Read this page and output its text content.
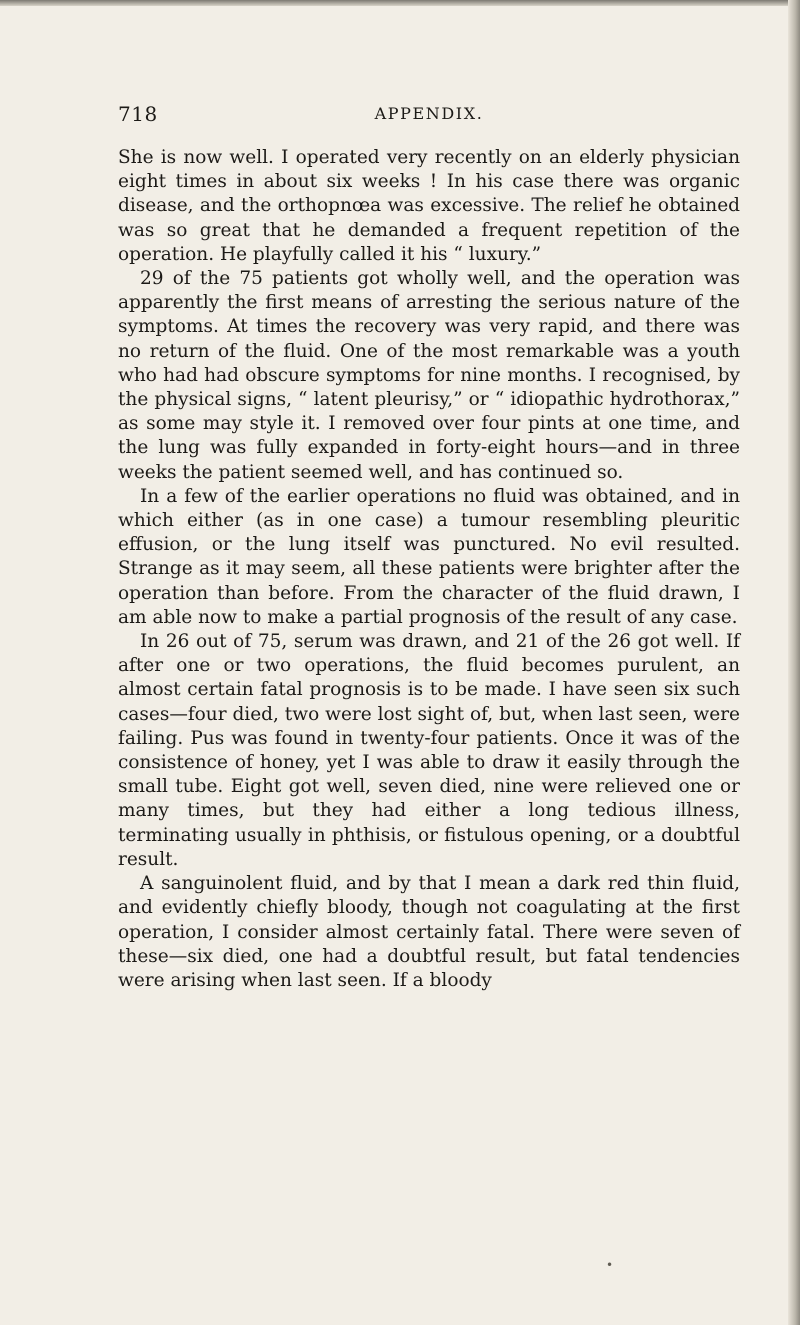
718	APPENDIX.

She is now well. I operated very recently on an elderly physician eight times in about six weeks ! In his case there was organic disease, and the orthopnœa was excessive. The relief he obtained was so great that he demanded a frequent repetition of the operation. He playfully called it his “ luxury.”

29 of the 75 patients got wholly well, and the operation was apparently the first means of arresting the serious nature of the symptoms. At times the recovery was very rapid, and there was no return of the fluid. One of the most remarkable was a youth who had had obscure symptoms for nine months. I recognised, by the physical signs, “ latent pleurisy,” or “ idiopathic hydrothorax,” as some may style it. I removed over four pints at one time, and the lung was fully expanded in forty-eight hours—and in three weeks the patient seemed well, and has continued so.

In a few of the earlier operations no fluid was obtained, and in which either (as in one case) a tumour resembling pleuritic effusion, or the lung itself was punctured. No evil resulted. Strange as it may seem, all these patients were brighter after the operation than before. From the character of the fluid drawn, I am able now to make a partial prognosis of the result of any case.

In 26 out of 75, serum was drawn, and 21 of the 26 got well. If after one or two operations, the fluid becomes purulent, an almost certain fatal prognosis is to be made. I have seen six such cases—four died, two were lost sight of, but, when last seen, were failing. Pus was found in twenty-four patients. Once it was of the consistence of honey, yet I was able to draw it easily through the small tube. Eight got well, seven died, nine were relieved one or many times, but they had either a long tedious illness, terminating usually in phthisis, or fistulous opening, or a doubtful result.

A sanguinolent fluid, and by that I mean a dark red thin fluid, and evidently chiefly bloody, though not coagulating at the first operation, I consider almost certainly fatal. There were seven of these—six died, one had a doubtful result, but fatal tendencies were arising when last seen. If a bloody

•
